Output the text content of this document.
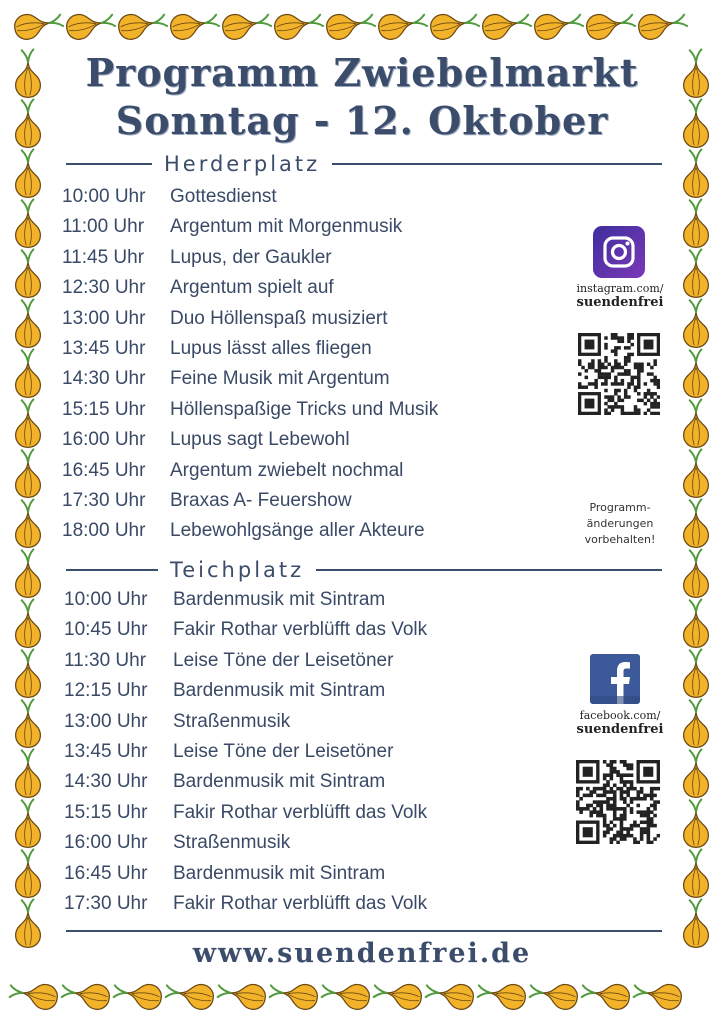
Programm Zwiebelmarkt
Sonntag - 12. Oktober
Herderplatz
10:00 Uhr Gottesdienst
11:00 Uhr Argentum mit Morgenmusik
11:45 Uhr Lupus, der Gaukler
12:30 Uhr Argentum spielt auf
13:00 Uhr Duo Höllenspaß musiziert
13:45 Uhr Lupus lässt alles fliegen
14:30 Uhr Feine Musik mit Argentum
15:15 Uhr Höllenspaßige Tricks und Musik
16:00 Uhr Lupus sagt Lebewohl
16:45 Uhr Argentum zwiebelt nochmal
17:30 Uhr Braxas A- Feuershow
18:00 Uhr Lebewohlgsänge aller Akteure
Teichplatz
10:00 Uhr Bardenmusik mit Sintram
10:45 Uhr Fakir Rothar verblüfft das Volk
11:30 Uhr Leise Töne der Leisetöner
12:15 Uhr Bardenmusik mit Sintram
13:00 Uhr Straßenmusik
13:45 Uhr Leise Töne der Leisetöner
14:30 Uhr Bardenmusik mit Sintram
15:15 Uhr Fakir Rothar verblüfft das Volk
16:00 Uhr Straßenmusik
16:45 Uhr Bardenmusik mit Sintram
17:30 Uhr Fakir Rothar verblüfft das Volk
instagram.com/
suendenfrei
Programm-
änderungen
vorbehalten!
facebook.com/
suendenfrei
www.suendenfrei.de
